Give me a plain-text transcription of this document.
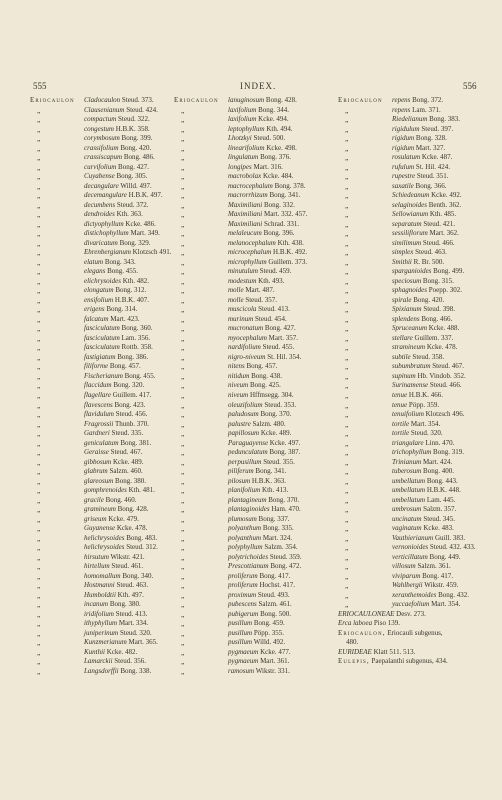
555	INDEX.	556
Eriocaulon Cladocaulon Steud. 373.
„	Clausenianum Steud. 424.
„	compactum Steud. 322.
„	congestum H.B.K. 358.
„	corymbosum Bong. 399.
„	crassifolium Bong. 420.
„	crassiscapum Bong. 486.
„	curvifolium Bong. 427.
„	Cuyabense Bong. 305.
„	decangulare Willd. 497.
„	decemangulare H.B.K. 497.
„	decumbens Steud. 372.
„	dendroides Kth. 363.
„	dictyophyllum Kcke. 486.
„	distichophyllum Mart. 349.
„	divaricatum Bong. 329.
„	Ehrenbergianum Klotzsch 491.
„	elatum Bong. 343.
„	elegans Bong. 455.
„	elichrysoides Kth. 482.
„	elongatum Bong. 312.
„	ensifolium H.B.K. 407.
„	erigens Bong. 314.
„	falcatum Mart. 423.
„	fasciculatum Bong. 360.
„	fasciculatum Lam. 356.
„	fasciculatum Rottb. 358.
„	fastigiatum Bong. 386.
„	filiforme Bong. 457.
„	Fischerianum Bong. 455.
„	flaccidum Bong. 320.
„	flagellare Guillem. 417.
„	flavescens Bong. 423.
„	flavidulum Steud. 456.
„	Fragrossii Thunb. 370.
„	Gardneri Steud. 335.
„	geniculatum Bong. 381.
„	Geraisse Steud. 467.
„	gibbosum Kcke. 489.
„	glabrum Salzm. 460.
„	glareosum Bong. 380.
„	gomphrenoides Kth. 481.
„	gracile Bong. 460.
„	gramineum Bong. 428.
„	griseum Kcke. 479.
„	Guyanense Kcke. 478.
„	helichrysoides Bong. 483.
„	helichrysoides Steud. 312.
„	hirsutum Wikstr. 421.
„	hirtellum Steud. 461.
„	homomallum Bong. 340.
„	Hostmanni Steud. 463.
„	Humboldtii Kth. 497.
„	incanum Bong. 380.
„	iridifolium Steud. 413.
„	ithyphyllum Mart. 334.
„	juniperinum Steud. 320.
„	Kunzmerianum Mart. 365.
„	Kunthii Kcke. 482.
„	Lamarckii Steud. 356.
„	Langsdorffii Bong. 338.
Eriocaulon lanuginosum Bong. 428.
„	laxifolium Bong. 344.
„	laxifolium Kcke. 494.
„	leptophyllum Kth. 494.
„	Lhotzkyi Steud. 500.
„	linearifolium Kcke. 498.
„	lingulatum Bong. 376.
„	longipes Mart. 316.
„	macrobolax Kcke. 484.
„	macrocephalum Bong. 378.
„	macrorrhizum Bong. 341.
„	Maximiliani Bong. 332.
„	Maximiliani Mart. 332. 457.
„	Maximiliani Schrad. 331.
„	melaleucum Bong. 396.
„	melanocephalum Kth. 438.
„	microcephalum H.B.K. 492.
„	microphyllum Guillem. 373.
„	minutulum Steud. 459.
„	modestum Kth. 493.
„	molle Mart. 487.
„	molle Steud. 357.
„	muscicola Steud. 413.
„	murinum Steud. 454.
„	mucronatum Bong. 427.
„	myocephalum Mart. 357.
„	nardifolium Steud. 455.
„	nigro-niveum St. Hil. 354.
„	nitens Bong. 457.
„	nitidum Bong. 438.
„	niveum Bong. 425.
„	niveum Hffmsegg. 304.
„	oleuzifolium Steud. 353.
„	paludosum Bong. 370.
„	palustre Salzm. 480.
„	papillosum Kcke. 489.
„	Paraguayense Kcke. 497.
„	pedunculatum Bong. 387.
„	perpusillum Steud. 355.
„	piliferum Bong. 341.
„	pilosum H.B.K. 363.
„	planifolium Kth. 413.
„	plantagineum Bong. 370.
„	plantaginoides Ham. 470.
„	plumosum Bong. 337.
„	polyanthum Bong. 335.
„	polyanthum Mart. 324.
„	polyphyllum Salzm. 354.
„	polytrichoides Steud. 359.
„	Prescottianum Bong. 472.
„	proliferum Bong. 417.
„	proliferum Hochst. 417.
„	proximum Steud. 493.
„	pubescens Salzm. 461.
„	pubigerum Bong. 500.
„	pusillum Bong. 459.
„	pusillum Pöpp. 355.
„	pusillum Willd. 492.
„	pygmaeum Kcke. 477.
„	pygmaeum Mart. 361.
„	ramosum Wikstr. 331.
Eriocaulon repens Bong. 372.
„	repens Lam. 371.
„	Riedelianum Bong. 383.
„	rigidulum Steud. 397.
„	rigidum Bong. 328.
„	rigidum Mart. 327.
„	rosulatum Kcke. 487.
„	rufulum St. Hil. 424.
„	rupestre Steud. 351.
„	saxatile Bong. 366.
„	Schiedeanum Kcke. 492.
„	selaginoides Benth. 362.
„	Sellowianum Kth. 485.
„	separatum Steud. 421.
„	sessiliflorum Mart. 362.
„	similimum Steud. 466.
„	simplex Steud. 463.
„	Smithii R. Br. 500.
„	sparganioides Bong. 499.
„	speciosum Bong. 315.
„	sphagnoides Poepp. 302.
„	spirale Bong. 420.
„	Spixianum Steud. 398.
„	splendens Bong. 466.
„	Spruceanum Kcke. 488.
„	stellare Guillem. 337.
„	stramineum Kcke. 478.
„	subtile Steud. 358.
„	subumbratum Steud. 467.
„	supinum Hb. Vindob. 352.
„	Surinamense Steud. 466.
„	tenue H.B.K. 466.
„	tenue Pöpp. 359.
„	tenuifolium Klotzsch 496.
„	tortile Mart. 354.
„	tortile Steud. 320.
„	triangulare Linn. 470.
„	trichophyllum Bong. 319.
„	Trinianum Mart. 424.
„	tuberosum Bong. 400.
„	umbellatum Bong. 443.
„	umbellatum H.B.K. 448.
„	umbellatum Lam. 445.
„	umbrosum Salzm. 357.
„	uncinatum Steud. 345.
„	vaginatum Kcke. 483.
„	Vauthierianum Guill. 383.
„	vernonioides Steud. 432. 433.
„	verticillatum Bong. 449.
„	villosum Salzm. 361.
„	viviparum Bong. 417.
„	Wahlbergii Wikstr. 459.
„	xeranthemoides Bong. 432.
„	yuccaefolium Mart. 354.
ERIOCAULONEAE Desv. 273.
Erca laboea Piso 139.
Eriocaulon, Eriocauli subgenus,
480.
EURIDEAE Klatt 511. 513.
Eulepis, Paepalanthi subgenus, 434.
